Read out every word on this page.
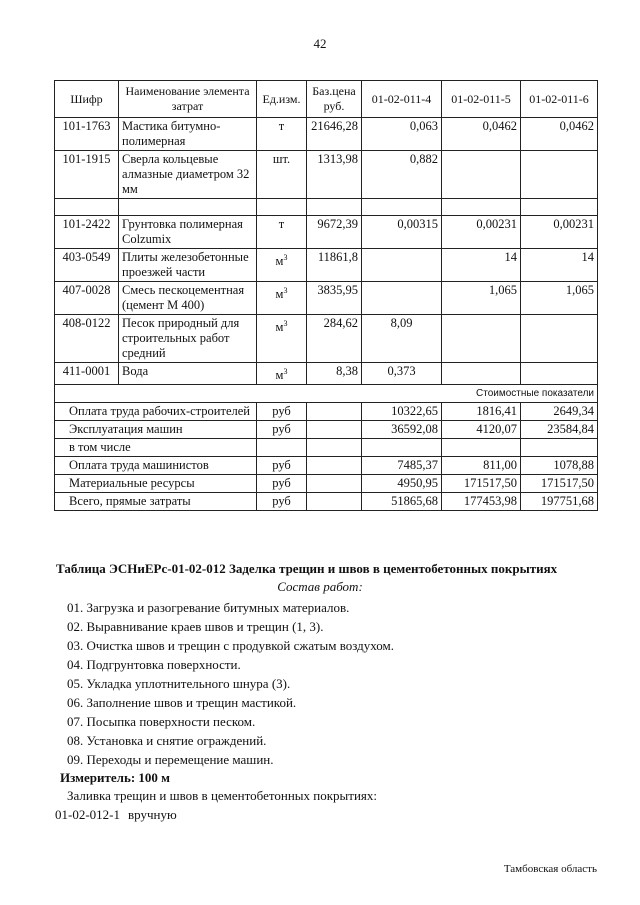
42
Шифр	Наименование элемента затрат	Ед.изм.	Баз.цена руб.	01-02-011-4	01-02-011-5	01-02-011-6
101-1763	Мастика битумно-полимерная	т	21646,28	0,063	0,0462	0,0462
101-1915	Сверла кольцевые алмазные диаметром 32 мм	шт.	1313,98	0,882		

101-2422	Грунтовка полимерная Colzumix	т	9672,39	0,00315	0,00231	0,00231
403-0549	Плиты железобетонные проезжей части	$м^3$	11861,8		14	14
407-0028	Смесь пескоцементная (цемент М 400)	$м^3$	3835,95		1,065	1,065
408-0122	Песок природный для строительных работ средний	$м^3$	284,62	8,09		
411-0001	Вода	$м^3$	8,38	0,373		
				Стоимостные показатели		
Оплата труда рабочих-строителей		руб		10322,65	1816,41	2649,34
Эксплуатация машин		руб		36592,08	4120,07	23584,84
в том числе						
Оплата труда машинистов		руб		7485,37	811,00	1078,88
Материальные ресурсы		руб		4950,95	171517,50	171517,50
Всего, прямые затраты		руб		51865,68	177453,98	197751,68
Таблица ЭСНиЕРс-01-02-012 Заделка трещин и швов в цементобетонных покрытиях
Состав работ:
01. Загрузка и разогревание битумных материалов.
02. Выравнивание краев швов и трещин (1, 3).
03. Очистка швов и трещин с продувкой сжатым воздухом.
04. Подгрунтовка поверхности.
05. Укладка уплотнительного шнура (3).
06. Заполнение швов и трещин мастикой.
07. Посыпка поверхности песком.
08. Установка и снятие ограждений.
09. Переходы и перемещение машин.
Измеритель: 100 м
Заливка трещин и швов в цементобетонных покрытиях:
01-02-012-1 вручную
Тамбовская область
